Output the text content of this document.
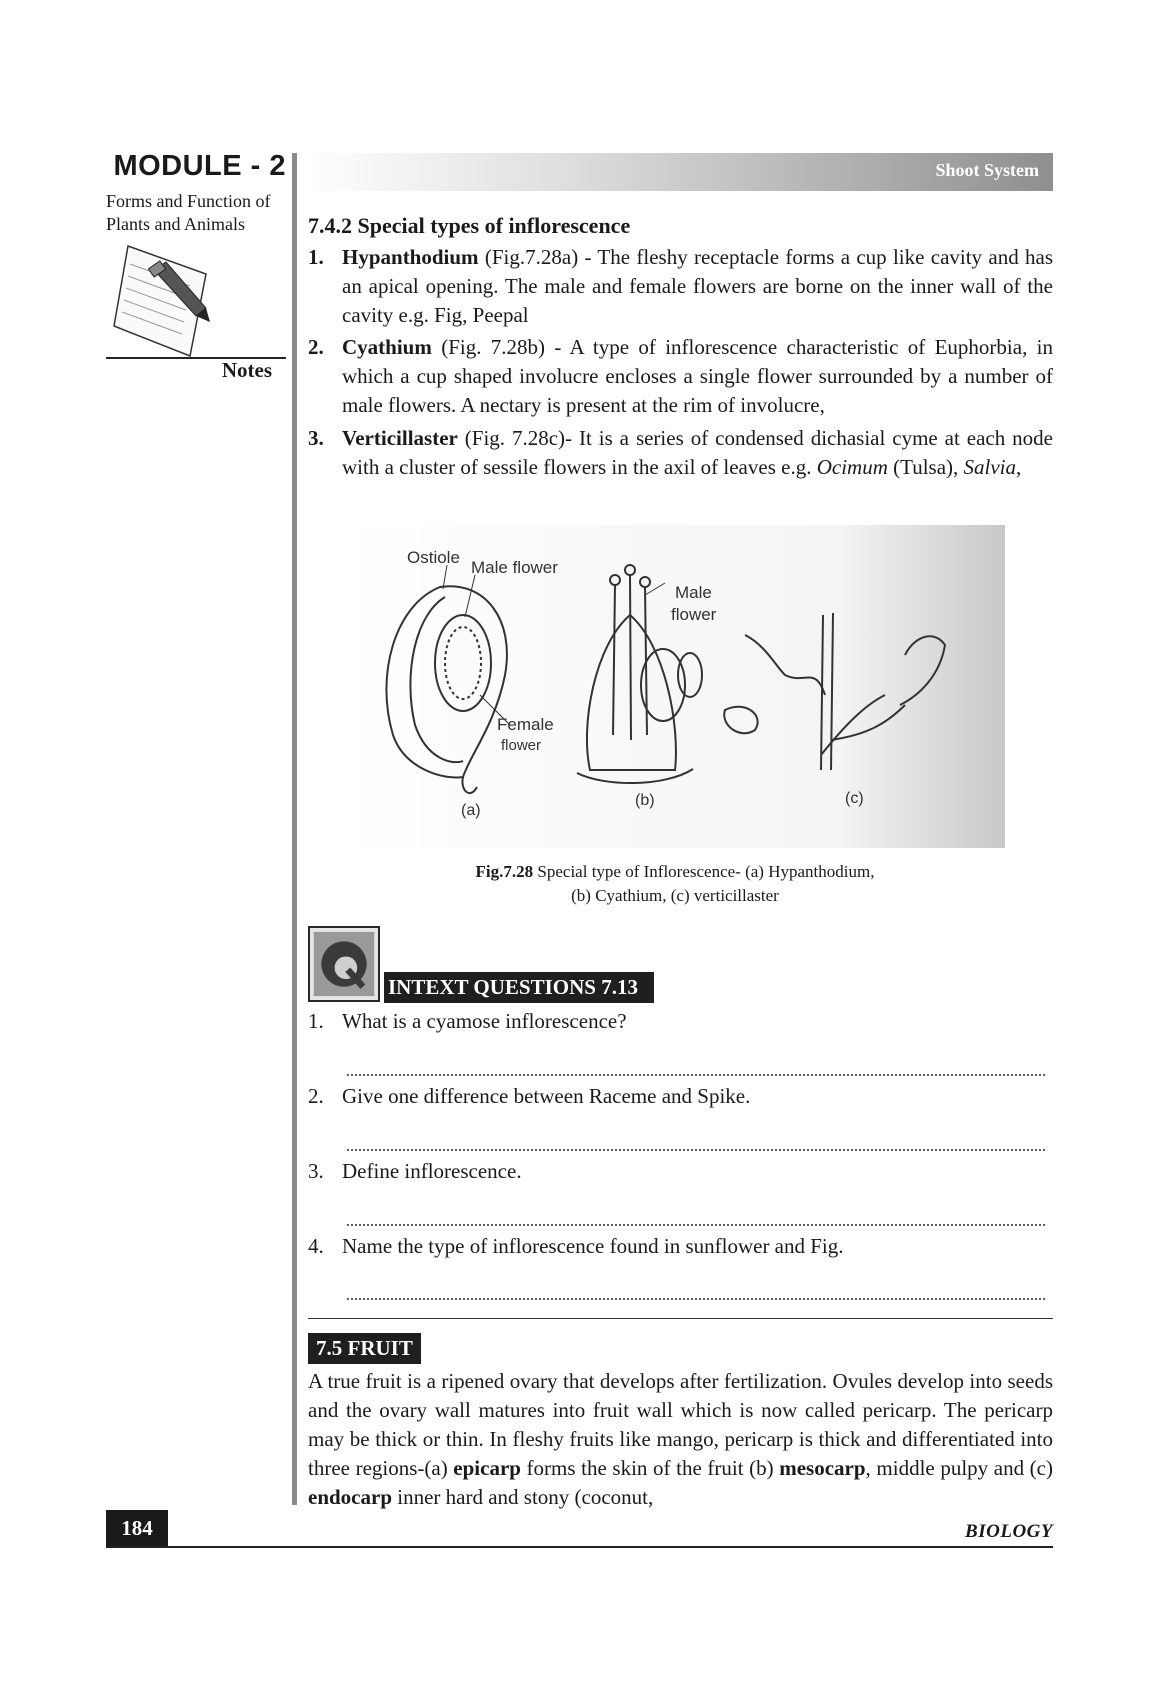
MODULE - 2
Forms and Function of
Plants and Animals
Notes
Shoot System
7.4.2 Special types of inflorescence
1. Hypanthodium (Fig.7.28a) - The fleshy receptacle forms a cup like cavity and has an apical opening. The male and female flowers are borne on the inner wall of the cavity e.g. Fig, Peepal
2. Cyathium (Fig. 7.28b) - A type of inflorescence characteristic of Euphorbia, in which a cup shaped involucre encloses a single flower surrounded by a number of male flowers. A nectary is present at the rim of involucre,
3. Verticillaster (Fig. 7.28c)- It is a series of condensed dichasial cyme at each node with a cluster of sessile flowers in the axil of leaves e.g. Ocimum (Tulsa), Salvia,
Ostiole
Male flower
Female
flower
Male
flower
(a)
(b)	(c)
Fig.7.28 Special type of Inflorescence- (a) Hypanthodium,
(b) Cyathium, (c) verticillaster
INTEXT QUESTIONS 7.13
1. What is a cyamose inflorescence?
2. Give one difference between Raceme and Spike.
3. Define inflorescence.
4. Name the type of inflorescence found in sunflower and Fig.
7.5 FRUIT
A true fruit is a ripened ovary that develops after fertilization. Ovules develop into seeds and the ovary wall matures into fruit wall which is now called pericarp. The pericarp may be thick or thin. In fleshy fruits like mango, pericarp is thick and differentiated into three regions-(a) epicarp forms the skin of the fruit (b) mesocarp, middle pulpy and (c) endocarp inner hard and stony (coconut,
184	BIOLOGY
